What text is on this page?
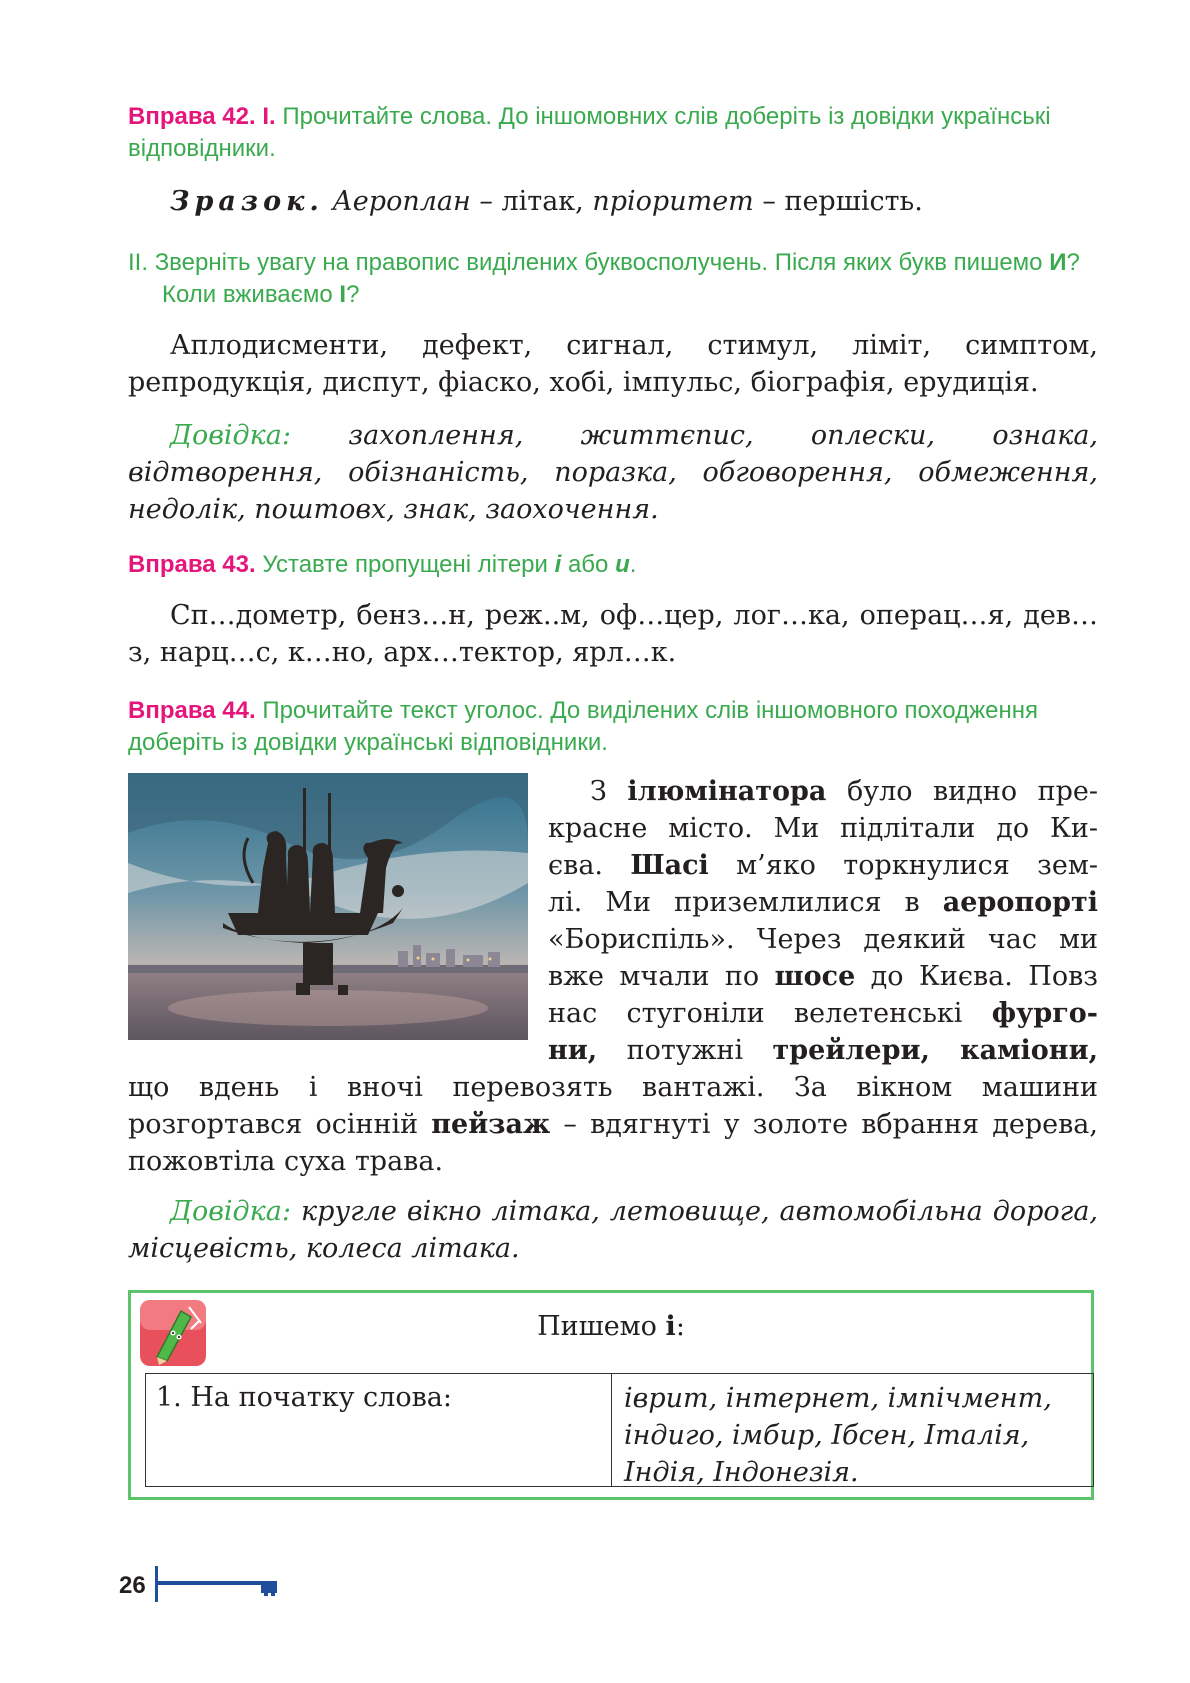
Вправа 42. І. Прочитайте слова. До іншомовних слів доберіть із довідки українські відповідники.
Зразок. Аероплан – літак, пріоритет – першість.
ІІ. Зверніть увагу на правопис виділених буквосполучень. Після яких букв пишемо И? Коли вживаємо І?
Аплодисменти, дефект, сигнал, стимул, ліміт, симптом, репродукція, диспут, фіаско, хобі, імпульс, біографія, ерудиція.
Довідка: захоплення, життєпис, оплески, ознака, відтворення, обізнаність, поразка, обговорення, обмеження, недолік, поштовх, знак, заохочення.
Вправа 43. Уставте пропущені літери і або и.
Сп…дометр, бенз…н, реж..м, оф…цер, лог…ка, операц…я, дев…з, нарц…с, к…но, арх…тектор, ярл…к.
Вправа 44. Прочитайте текст уголос. До виділених слів іншомовного походження доберіть із довідки українські відповідники.
З ілюмінатора було видно пре-
красне місто. Ми підлітали до Ки-
єва. Шасі м’яко торкнулися зем-
лі. Ми приземлилися в аеропорті
«Бориспіль». Через деякий час ми
вже мчали по шосе до Києва. Повз
нас стугоніли велетенські фурго-
ни, потужні трейлери, каміони,
що вдень і вночі перевозять вантажі. За вікном машини розгортався осінній пейзаж – вдягнуті у золоте вбрання дерева, пожовтіла суха трава.
Довідка: кругле вікно літака, летовище, автомобільна дорога, місцевість, колеса літака.
Пишемо і:
1. На початку слова:	іврит, інтернет, імпічмент, індиго, імбир, Ібсен, Італія, Індія, Індонезія.
26
